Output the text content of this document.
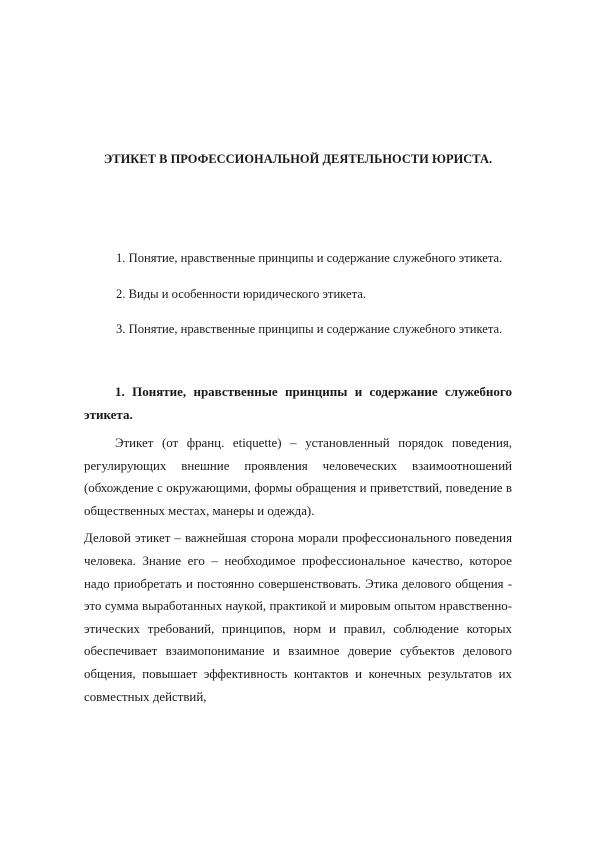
ЭТИКЕТ В ПРОФЕССИОНАЛЬНОЙ ДЕЯТЕЛЬНОСТИ ЮРИСТА.
1. Понятие, нравственные принципы и содержание служебного этикета.
2. Виды и особенности юридического этикета.
3. Понятие, нравственные принципы и содержание служебного этикета.

1. Понятие, нравственные принципы и содержание служебного этикета.

Этикет (от франц. etiquette) – установленный порядок поведения, регулирующих внешние проявления человеческих взаимоотношений (обхождение с окружающими, формы обращения и приветствий, поведение в общественных местах, манеры и одежда).

Деловой этикет – важнейшая сторона морали профессионального поведения человека. Знание его – необходимое профессиональное качество, которое надо приобретать и постоянно совершенствовать. Этика делового общения - это сумма выработанных наукой, практикой и мировым опытом нравственно-этических требований, принципов, норм и правил, соблюдение которых обеспечивает взаимопонимание и взаимное доверие субъектов делового общения, повышает эффективность контактов и конечных результатов их совместных действий,
